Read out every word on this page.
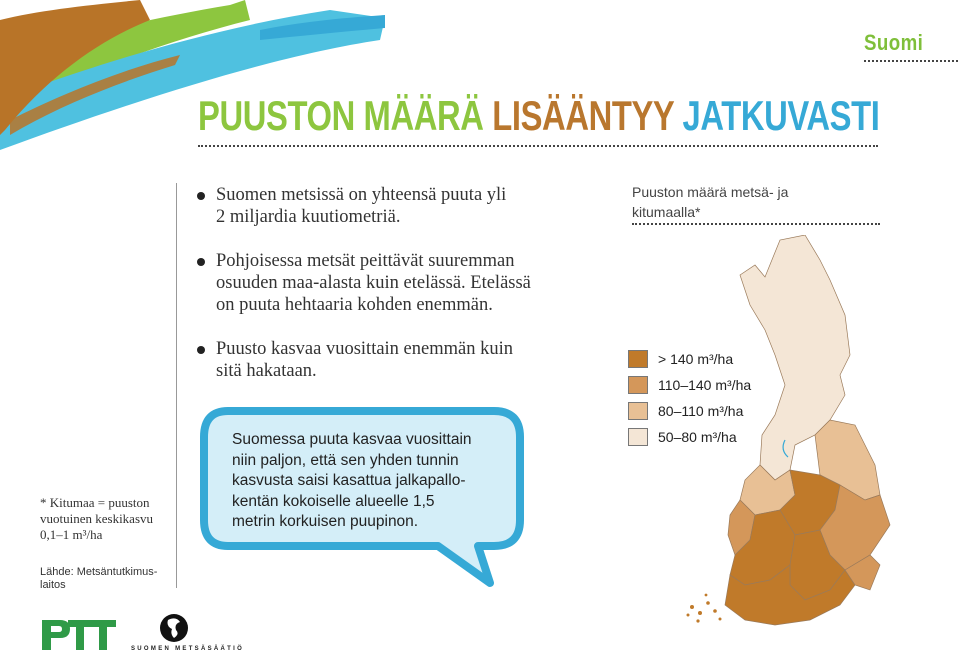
Suomi
PUUSTON MÄÄRÄ LISÄÄNTYY JATKUVASTI
Suomen metsissä on yhteensä puuta yli
2 miljardia kuutiometriä.
Pohjoisessa metsät peittävät suuremman
osuuden maa-alasta kuin etelässä. Etelässä
on puuta hehtaaria kohden enemmän.
Puusto kasvaa vuosittain enemmän kuin
sitä hakataan.
Suomessa puuta kasvaa vuosittain
niin paljon, että sen yhden tunnin
kasvusta saisi kasattua jalkapallo-
kentän kokoiselle alueelle 1,5
metrin korkuisen puupinon.
* Kitumaa = puuston
vuotuinen keskikasvu
0,1–1 m³/ha
Lähde: Metsäntutkimus-
laitos
Puuston määrä metsä- ja
kitumaalla*
> 140 m³/ha
110–140 m³/ha
80–110 m³/ha
50–80 m³/ha
SUOMEN METSÄSÄÄTIÖ
